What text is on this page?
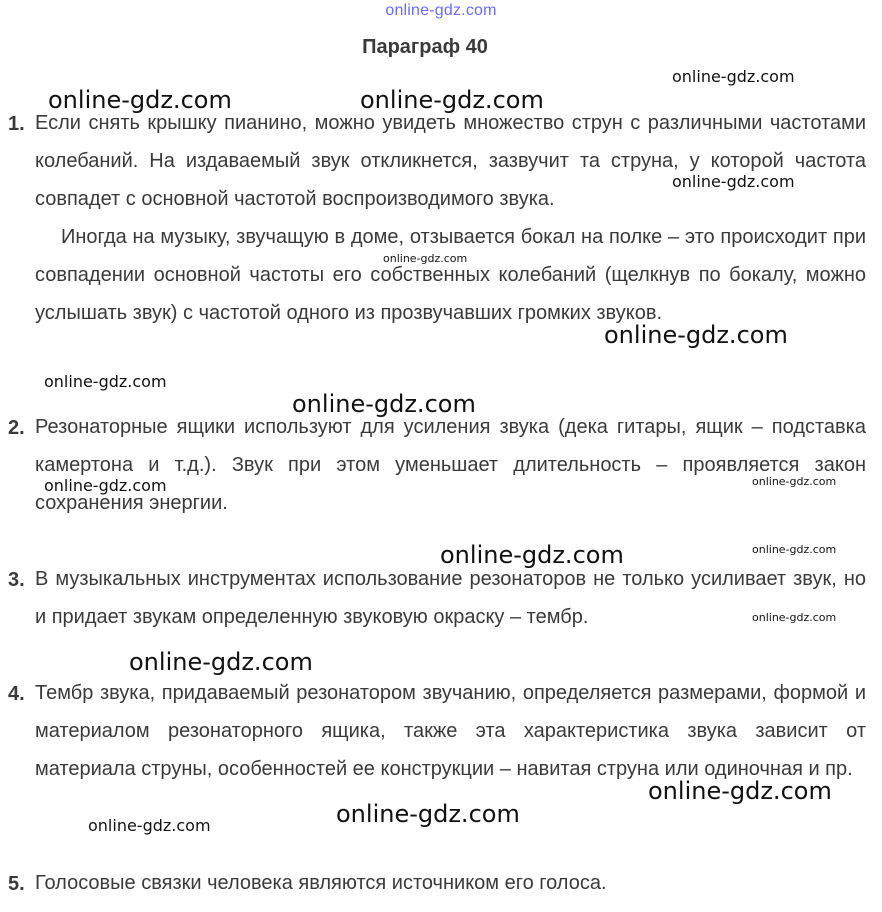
online-gdz.com
Параграф 40
1. Если снять крышку пианино, можно увидеть множество струн с различными частотами колебаний. На издаваемый звук откликнется, зазвучит та струна, у которой частота совпадет с основной частотой воспроизводимого звука.

Иногда на музыку, звучащую в доме, отзывается бокал на полке – это происходит при совпадении основной частоты его собственных колебаний (щелкнув по бокалу, можно услышать звук) с частотой одного из прозвучавших громких звуков.

2. Резонаторные ящики используют для усиления звука (дека гитары, ящик – подставка камертона и т.д.). Звук при этом уменьшает длительность – проявляется закон сохранения энергии.

3. В музыкальных инструментах использование резонаторов не только усиливает звук, но и придает звукам определенную звуковую окраску – тембр.

4. Тембр звука, придаваемый резонатором звучанию, определяется размерами, формой и материалом резонаторного ящика, также эта характеристика звука зависит от материала струны, особенностей ее конструкции – навитая струна или одиночная и пр.

5. Голосовые связки человека являются источником его голоса.

online-gdz.com	online-gdz.com
online-gdz.com
online-gdz.com
online-gdz.com
online-gdz.com
online-gdz.com
online-gdz.com
online-gdz.com	online-gdz.com
online-gdz.com	online-gdz.com
online-gdz.com
online-gdz.com
online-gdz.com
online-gdz.com
online-gdz.com
